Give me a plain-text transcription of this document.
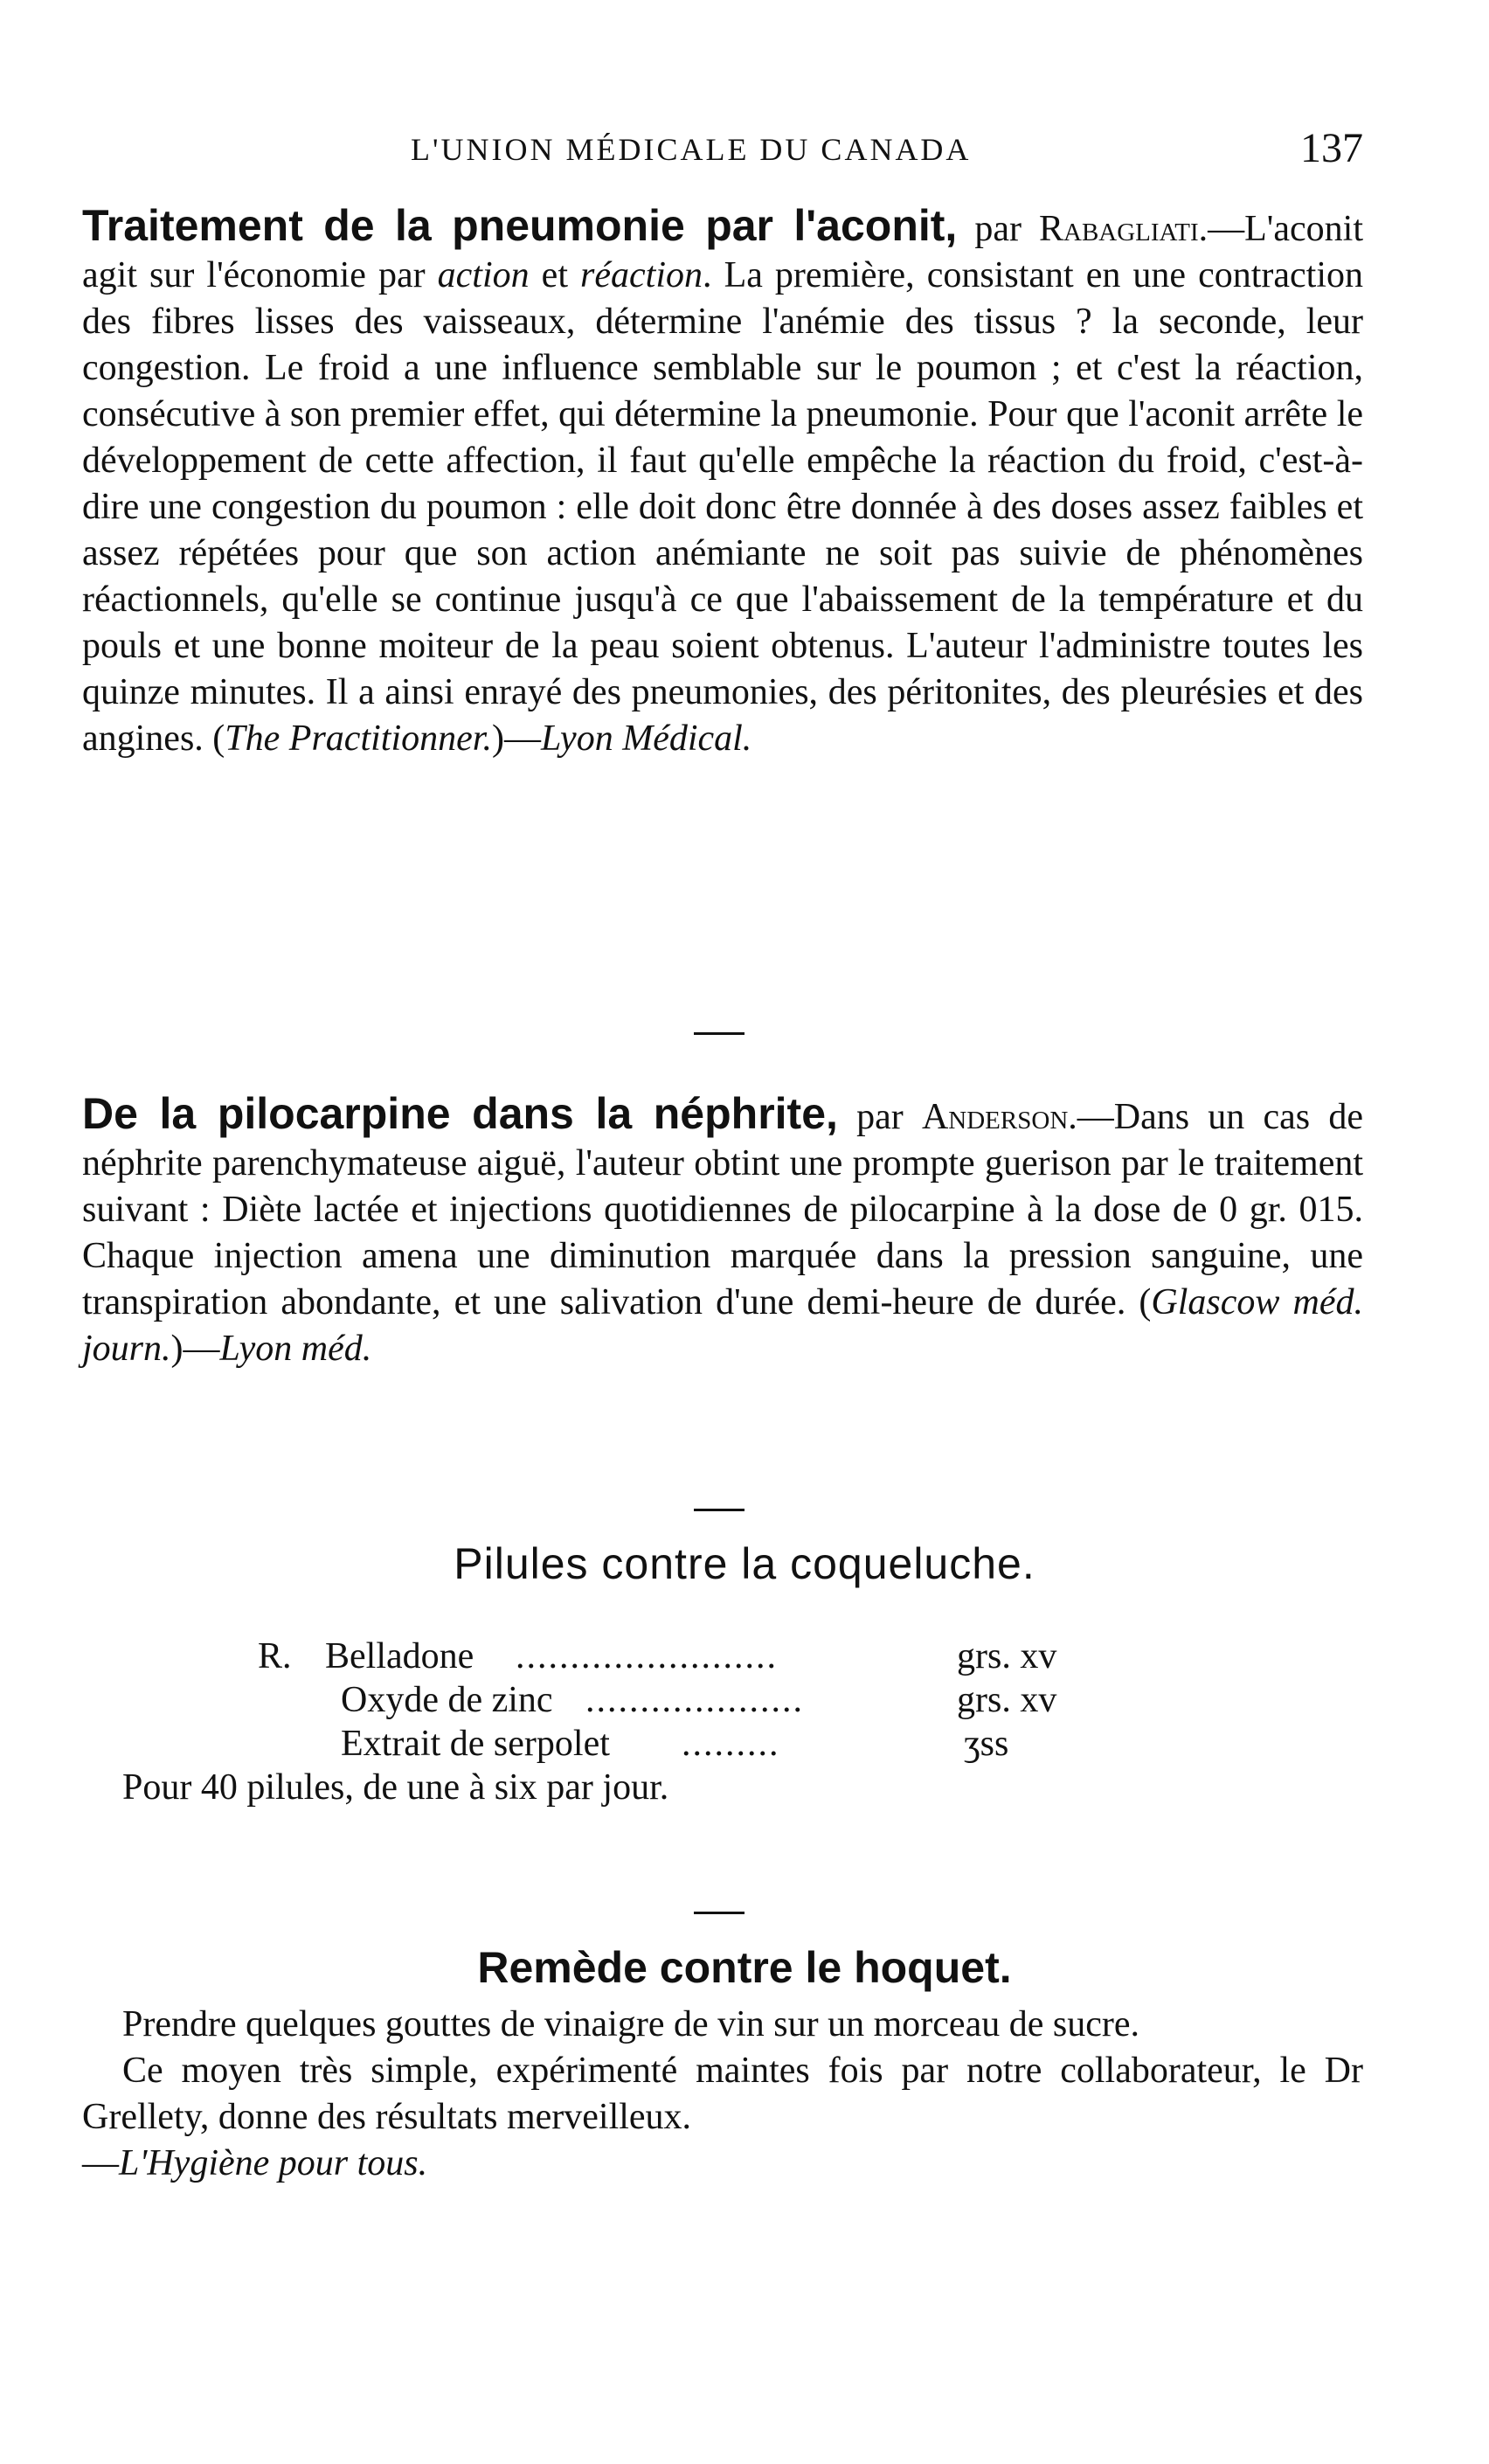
L'UNION MÉDICALE DU CANADA	137

Traitement de la pneumonie par l'aconit, par Rabagliati.—L'aconit agit sur l'économie par action et réaction. La première, consistant en une contraction des fibres lisses des vaisseaux, détermine l'anémie des tissus ? la seconde, leur congestion. Le froid a une influence semblable sur le poumon ; et c'est la réaction, consécutive à son premier effet, qui détermine la pneumonie. Pour que l'aconit arrête le développement de cette affection, il faut qu'elle empêche la réaction du froid, c'est-à-dire une congestion du poumon : elle doit donc être donnée à des doses assez faibles et assez répétées pour que son action anémiante ne soit pas suivie de phénomènes réactionnels, qu'elle se continue jusqu'à ce que l'abaissement de la température et du pouls et une bonne moiteur de la peau soient obtenus. L'auteur l'administre toutes les quinze minutes. Il a ainsi enrayé des pneumonies, des péritonites, des pleurésies et des angines. (The Practitionner.)—Lyon Médical.

De la pilocarpine dans la néphrite, par Anderson.—Dans un cas de néphrite parenchymateuse aiguë, l'auteur obtint une prompte guerison par le traitement suivant : Diète lactée et injections quotidiennes de pilocarpine à la dose de 0 gr. 015. Chaque injection amena une diminution marquée dans la pression sanguine, une transpiration abondante, et une salivation d'une demi-heure de durée. (Glascow méd. journ.)—Lyon méd.

Pilules contre la coqueluche.
R. Belladone ........................	grs. xv
Oxyde de zinc ....................	grs. xv
Extrait de serpolet .........	ʒss
Pour 40 pilules, de une à six par jour.
Remède contre le hoquet.

Prendre quelques gouttes de vinaigre de vin sur un morceau de sucre.

Ce moyen très simple, expérimenté maintes fois par notre collaborateur, le Dr Grellety, donne des résultats merveilleux.

—L'Hygiène pour tous.
